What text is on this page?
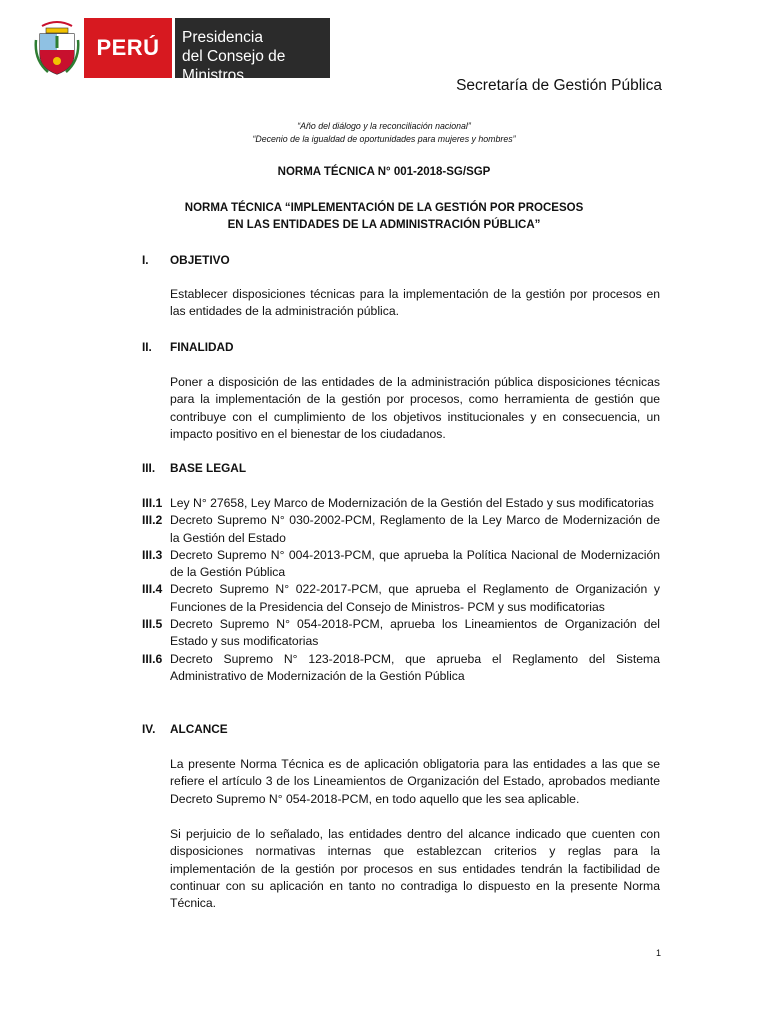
PERÚ Presidencia
del Consejo de Ministros
Secretaría de Gestión Pública
“Año del diálogo y la reconciliación nacional”
“Decenio de la igualdad de oportunidades para mujeres y hombres”
NORMA TÉCNICA N° 001-2018-SG/SGP
NORMA TÉCNICA “IMPLEMENTACIÓN DE LA GESTIÓN POR PROCESOS
EN LAS ENTIDADES DE LA ADMINISTRACIÓN PÚBLICA”
I. OBJETIVO
Establecer disposiciones técnicas para la implementación de la gestión por procesos en las entidades de la administración pública.
II. FINALIDAD
Poner a disposición de las entidades de la administración pública disposiciones técnicas para la implementación de la gestión por procesos, como herramienta de gestión que contribuye con el cumplimiento de los objetivos institucionales y en consecuencia, un impacto positivo en el bienestar de los ciudadanos.
III. BASE LEGAL
III.1 Ley N° 27658, Ley Marco de Modernización de la Gestión del Estado y sus modificatorias
III.2 Decreto Supremo N° 030-2002-PCM, Reglamento de la Ley Marco de Modernización de la Gestión del Estado
III.3 Decreto Supremo N° 004-2013-PCM, que aprueba la Política Nacional de Modernización de la Gestión Pública
III.4 Decreto Supremo N° 022-2017-PCM, que aprueba el Reglamento de Organización y Funciones de la Presidencia del Consejo de Ministros- PCM y sus modificatorias
III.5 Decreto Supremo N° 054-2018-PCM, aprueba los Lineamientos de Organización del Estado y sus modificatorias
III.6 Decreto Supremo N° 123-2018-PCM, que aprueba el Reglamento del Sistema Administrativo de Modernización de la Gestión Pública
IV. ALCANCE
La presente Norma Técnica es de aplicación obligatoria para las entidades a las que se refiere el artículo 3 de los Lineamientos de Organización del Estado, aprobados mediante Decreto Supremo N° 054-2018-PCM, en todo aquello que les sea aplicable.
Si perjuicio de lo señalado, las entidades dentro del alcance indicado que cuenten con disposiciones normativas internas que establezcan criterios y reglas para la implementación de la gestión por procesos en sus entidades tendrán la factibilidad de continuar con su aplicación en tanto no contradiga lo dispuesto en la presente Norma Técnica.
1
